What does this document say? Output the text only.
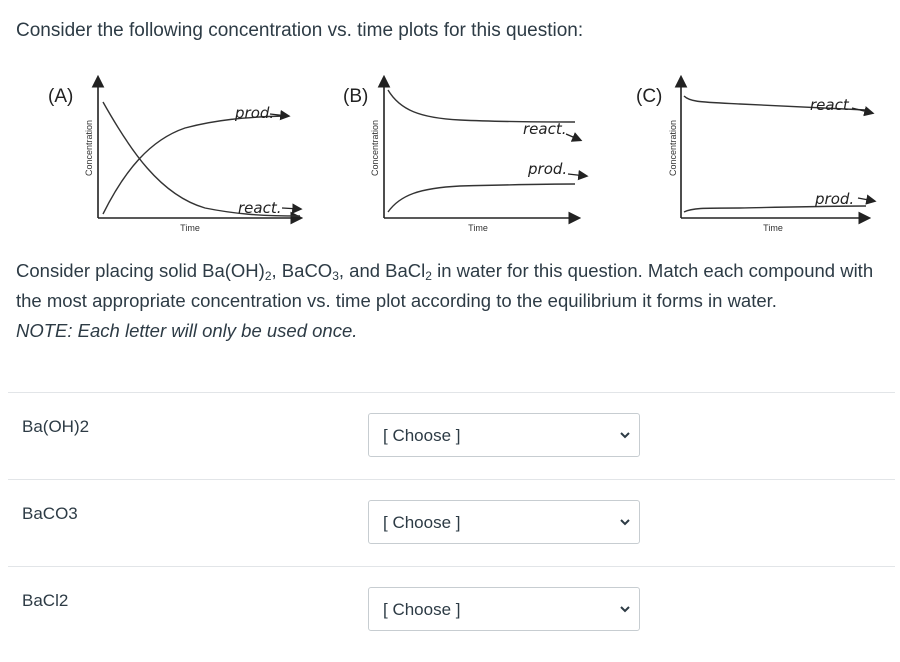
Consider the following concentration vs. time plots for this question:

(A)
Concentration
Time
prod.
react.
(B)
Concentration
Time
react.
prod.
(C)
Concentration
Time
react
prod.

Consider placing solid $Ba(OH)_2$, BaCO$_3$, and BaCl$_2$ in water for this question. Match each compound with the most appropriate concentration vs. time plot according to the equilibrium it forms in water.
NOTE: Each letter will only be used once.

Ba(OH)2	[ Choose ]
BaCO3	[ Choose ]
BaCl2	[ Choose ]
